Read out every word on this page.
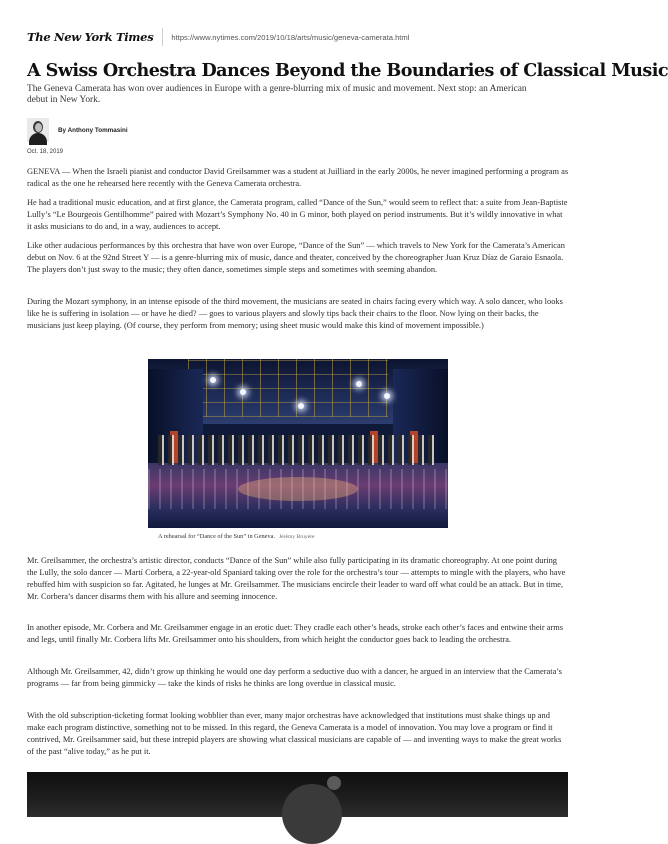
The New York Times https://www.nytimes.com/2019/10/18/arts/music/geneva-camerata.html
A Swiss Orchestra Dances Beyond the Boundaries of Classical Music

The Geneva Camerata has won over audiences in Europe with a genre-blurring mix of music and movement. Next stop: an American debut in New York.

By Anthony Tommasini
Oct. 18, 2019

GENEVA — When the Israeli pianist and conductor David Greilsammer was a student at Juilliard in the early 2000s, he never imagined performing a program as radical as the one he rehearsed here recently with the Geneva Camerata orchestra.

He had a traditional music education, and at first glance, the Camerata program, called “Dance of the Sun,” would seem to reflect that: a suite from Jean-Baptiste Lully’s “Le Bourgeois Gentilhomme” paired with Mozart’s Symphony No. 40 in G minor, both played on period instruments. But it’s wildly innovative in what it asks musicians to do and, in a way, audiences to accept.

Like other audacious performances by this orchestra that have won over Europe, “Dance of the Sun” — which travels to New York for the Camerata’s American debut on Nov. 6 at the 92nd Street Y — is a genre-blurring mix of music, dance and theater, conceived by the choreographer Juan Kruz Díaz de Garaio Esnaola. The players don’t just sway to the music; they often dance, sometimes simple steps and sometimes with seeming abandon.

During the Mozart symphony, in an intense episode of the third movement, the musicians are seated in chairs facing every which way. A solo dancer, who looks like he is suffering in isolation — or have he died? — goes to various players and slowly tips back their chairs to the floor. Now lying on their backs, the musicians just keep playing. (Of course, they perform from memory; using sheet music would make this kind of movement impossible.)

A rehearsal for “Dance of the Sun” in Geneva. Jérémy Bruyère

Mr. Greilsammer, the orchestra’s artistic director, conducts “Dance of the Sun” while also fully participating in its dramatic choreography. At one point during the Lully, the solo dancer — Martí Corbera, a 22-year-old Spaniard taking over the role for the orchestra’s tour — attempts to mingle with the players, who have rebuffed him with suspicion so far. Agitated, he lunges at Mr. Greilsammer. The musicians encircle their leader to ward off what could be an attack. But in time, Mr. Corbera’s dancer disarms them with his allure and seeming innocence.

In another episode, Mr. Corbera and Mr. Greilsammer engage in an erotic duet: They cradle each other’s heads, stroke each other’s faces and entwine their arms and legs, until finally Mr. Corbera lifts Mr. Greilsammer onto his shoulders, from which height the conductor goes back to leading the orchestra.

Although Mr. Greilsammer, 42, didn’t grow up thinking he would one day perform a seductive duo with a dancer, he argued in an interview that the Camerata’s programs — far from being gimmicky — take the kinds of risks he thinks are long overdue in classical music.

With the old subscription-ticketing format looking wobblier than ever, many major orchestras have acknowledged that institutions must shake things up and make each program distinctive, something not to be missed. In this regard, the Geneva Camerata is a model of innovation. You may love a program or find it contrived, Mr. Greilsammer said, but these intrepid players are showing what classical musicians are capable of — and inventing ways to make the great works of the past “alive today,” as he put it.
